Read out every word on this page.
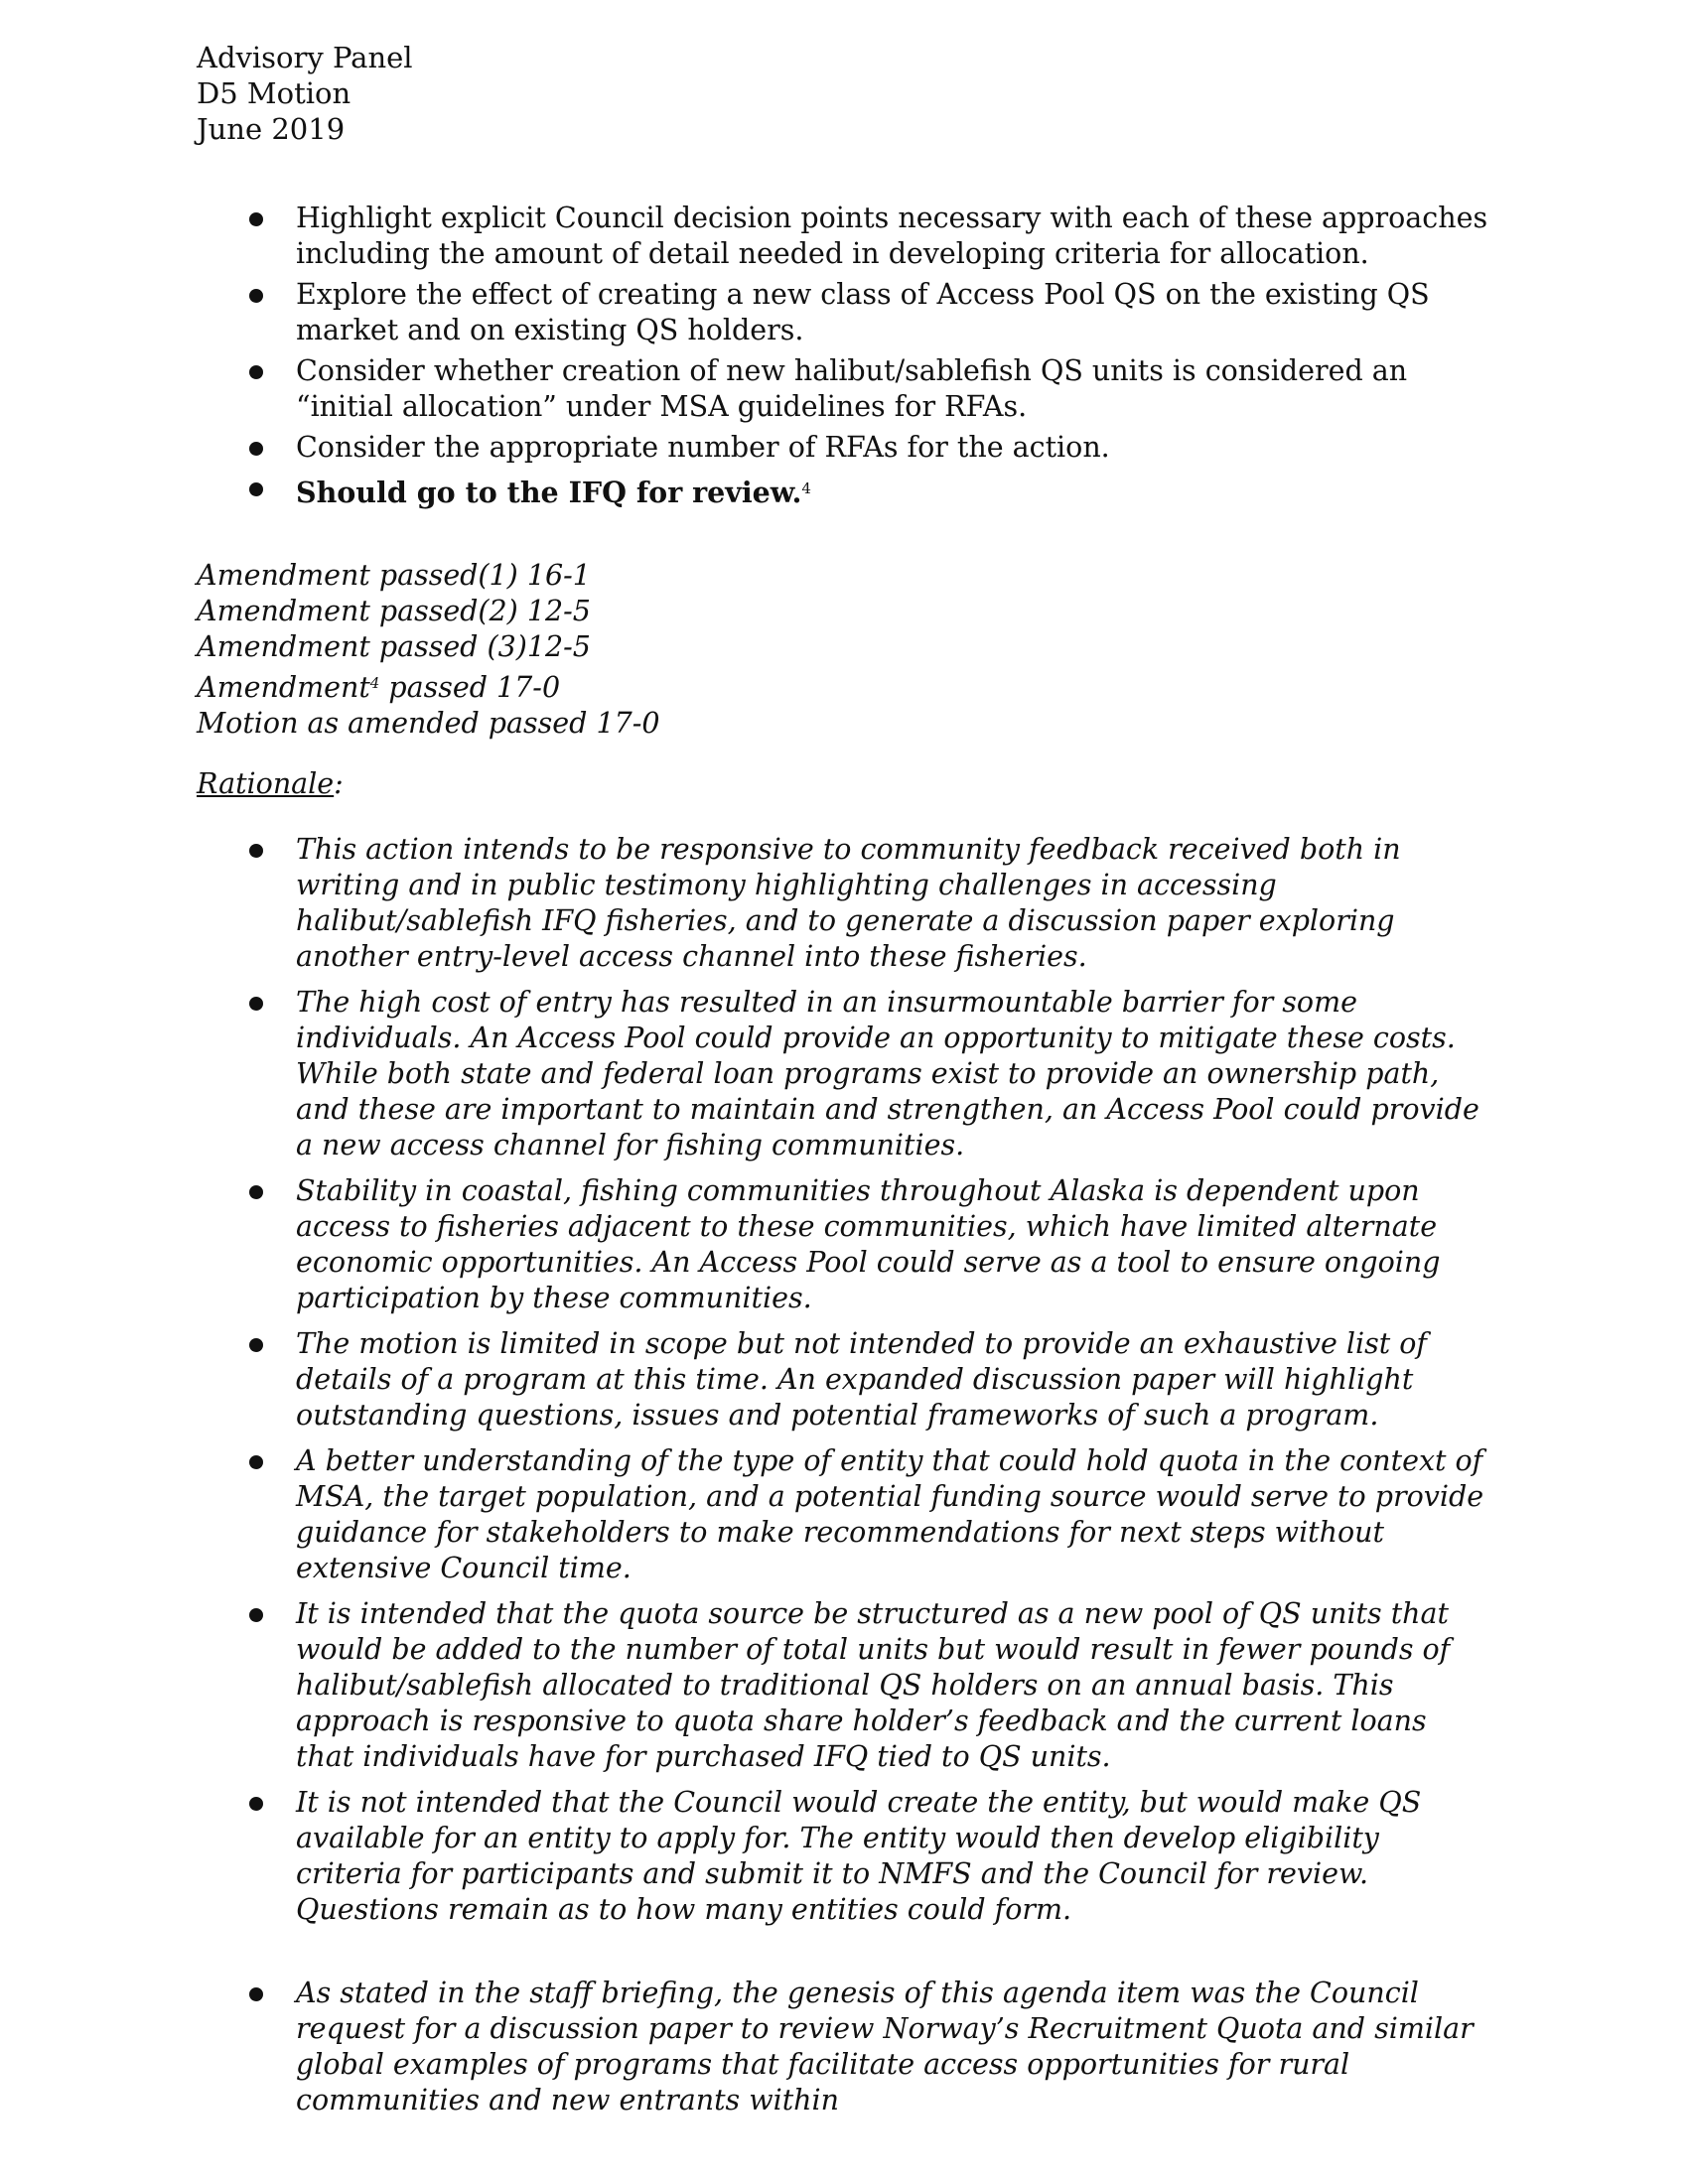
Advisory Panel
D5 Motion
June 2019
Highlight explicit Council decision points necessary with each of these approaches including the amount of detail needed in developing criteria for allocation.
Explore the effect of creating a new class of Access Pool QS on the existing QS market and on existing QS holders.
Consider whether creation of new halibut/sablefish QS units is considered an “initial allocation” under MSA guidelines for RFAs.
Consider the appropriate number of RFAs for the action.
Should go to the IFQ for review.$^4$
Amendment passed(1) 16-1
Amendment passed(2) 12-5
Amendment passed (3)12-5
Amendment$^4$ passed 17-0
Motion as amended passed 17-0
Rationale:
This action intends to be responsive to community feedback received both in writing and in public testimony highlighting challenges in accessing halibut/sablefish IFQ fisheries, and to generate a discussion paper exploring another entry-level access channel into these fisheries.
The high cost of entry has resulted in an insurmountable barrier for some individuals. An Access Pool could provide an opportunity to mitigate these costs. While both state and federal loan programs exist to provide an ownership path, and these are important to maintain and strengthen, an Access Pool could provide a new access channel for fishing communities.
Stability in coastal, fishing communities throughout Alaska is dependent upon access to fisheries adjacent to these communities, which have limited alternate economic opportunities. An Access Pool could serve as a tool to ensure ongoing participation by these communities.
The motion is limited in scope but not intended to provide an exhaustive list of details of a program at this time. An expanded discussion paper will highlight outstanding questions, issues and potential frameworks of such a program.
A better understanding of the type of entity that could hold quota in the context of MSA, the target population, and a potential funding source would serve to provide guidance for stakeholders to make recommendations for next steps without extensive Council time.
It is intended that the quota source be structured as a new pool of QS units that would be added to the number of total units but would result in fewer pounds of halibut/sablefish allocated to traditional QS holders on an annual basis. This approach is responsive to quota share holder’s feedback and the current loans that individuals have for purchased IFQ tied to QS units.
It is not intended that the Council would create the entity, but would make QS available for an entity to apply for. The entity would then develop eligibility criteria for participants and submit it to NMFS and the Council for review. Questions remain as to how many entities could form.
As stated in the staff briefing, the genesis of this agenda item was the Council request for a discussion paper to review Norway’s Recruitment Quota and similar global examples of programs that facilitate access opportunities for rural communities and new entrants within
